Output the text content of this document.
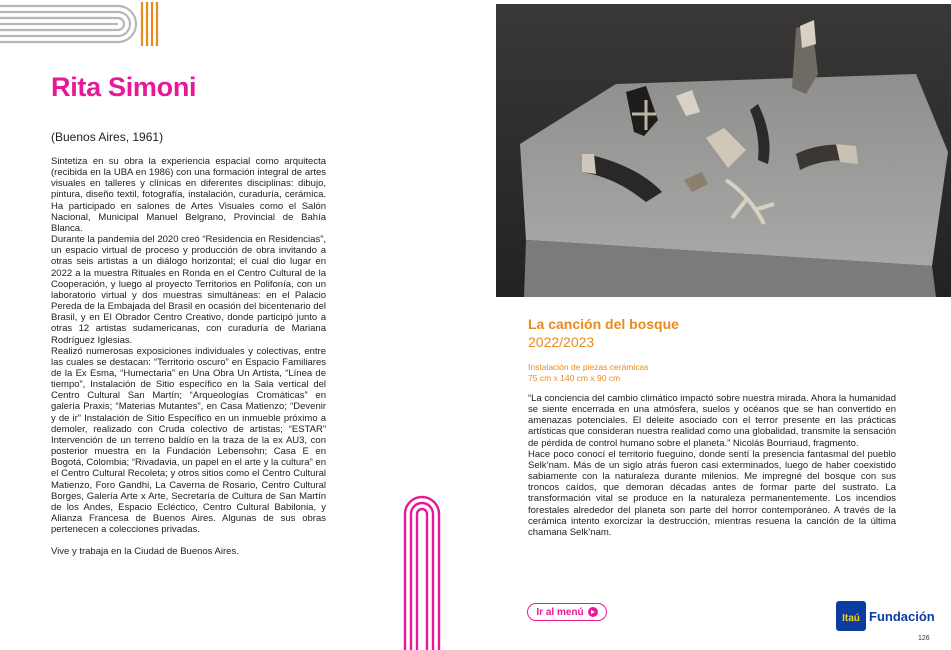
Rita Simoni
(Buenos Aires, 1961)

Sintetiza en su obra la experiencia espacial como arquitecta (recibida en la UBA en 1986) con una formación integral de artes visuales en talleres y clínicas en diferentes disciplinas: dibujo, pintura, diseño textil, fotografía, instalación, curaduría, cerámica. Ha participado en salones de Artes Visuales como el Salón Nacional, Municipal Manuel Belgrano, Provincial de Bahía Blanca.

Durante la pandemia del 2020 creó “Residencia en Residencias”, un espacio virtual de proceso y producción de obra invitando a otras seis artistas a un diálogo horizontal; el cual dio lugar en 2022 a la muestra Rituales en Ronda en el Centro Cultural de la Cooperación, y luego al proyecto Territorios en Polifonía, con un laboratorio virtual y dos muestras simultáneas: en el Palacio Pereda de la Embajada del Brasil en ocasión del bicentenario del Brasil, y en El Obrador Centro Creativo, donde participó junto a otras 12 artistas sudamericanas, con curaduría de Mariana Rodríguez Iglesias.

Realizó numerosas exposiciones individuales y colectivas, entre las cuales se destacan: “Territorio oscuro” en Espacio Familiares de la Ex Esma, “Humectaria” en Una Obra Un Artista, “Línea de tiempo”, Instalación de Sitio específico en la Sala vertical del Centro Cultural San Martín; “Arqueologías Cromáticas” en galería Praxis; “Materias Mutantes”, en Casa Matienzo; “Devenir y de ir” Instalación de Sitio Específico en un inmueble próximo a demoler, realizado con Cruda colectivo de artistas; “ESTAR” Intervención de un terreno baldío en la traza de la ex AU3, con posterior muestra en la Fundación Lebensohn; Casa E en Bogotá, Colombia; “Rivadavia, un papel en el arte y la cultura” en el Centro Cultural Recoleta; y otros sitios como el Centro Cultural Matienzo, Foro Gandhi, La Caverna de Rosario, Centro Cultural Borges, Galería Arte x Arte, Secretaría de Cultura de San Martín de los Andes, Espacio Ecléctico, Centro Cultural Babilonia, y Alianza Francesa de Buenos Aires. Algunas de sus obras pertenecen a colecciones privadas.

Vive y trabaja en la Ciudad de Buenos Aires.

La canción del bosque
2022/2023
Instalación de piezas cerámicas
75 cm x 140 cm x 90 cm

“La conciencia del cambio climático impactó sobre nuestra mirada. Ahora la humanidad se siente encerrada en una atmósfera, suelos y océanos que se han convertido en amenazas potenciales. El deleite asociado con el terror presente en las prácticas artísticas que consideran nuestra realidad como una globalidad, transmite la sensación de pérdida de control humano sobre el planeta.” Nicolás Bourriaud, fragmento.

Hace poco conocí el territorio fueguino, donde sentí la presencia fantasmal del pueblo Selk’nam. Más de un siglo atrás fueron casi exterminados, luego de haber coexistido sabiamente con la naturaleza durante milenios. Me impregné del bosque con sus troncos caídos, que demoran décadas antes de formar parte del sustrato. La transformación vital se produce en la naturaleza permanentemente. Los incendios forestales alrededor del planeta son parte del horror contemporáneo. A través de la cerámica intento exorcizar la destrucción, mientras resuena la canción de la última chamana Selk’nam.

Ir al menú
Itaú Fundación
126
